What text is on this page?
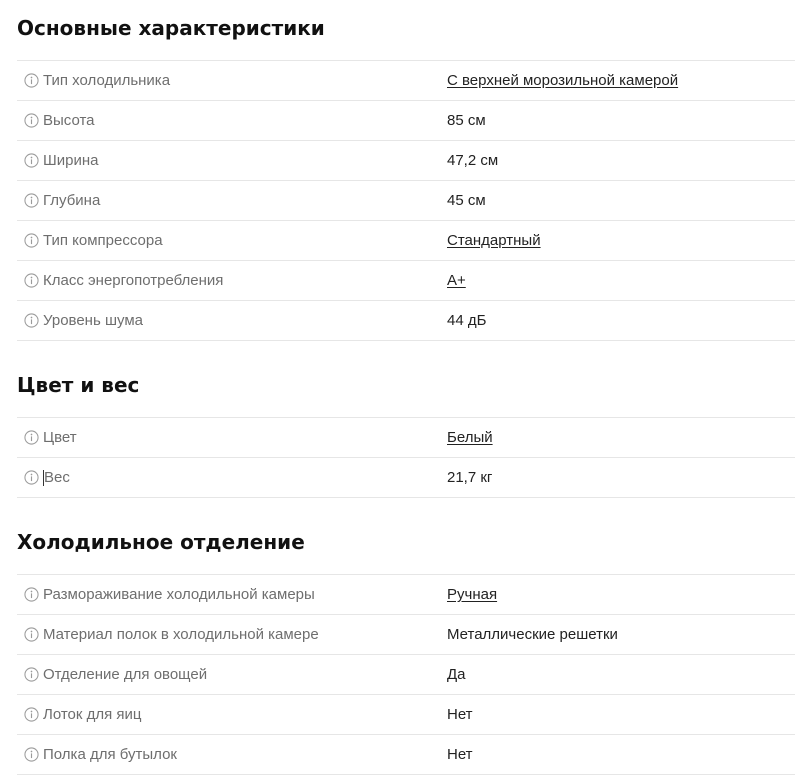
Основные характеристики
Тип холодильника	С верхней морозильной камерой
Высота	85 см
Ширина	47,2 см
Глубина	45 см
Тип компрессора	Стандартный
Класс энергопотребления	A+
Уровень шума	44 дБ
Цвет и вес
Цвет	Белый
Вес	21,7 кг
Холодильное отделение
Размораживание холодильной камеры	Ручная
Материал полок в холодильной камере	Металлические решетки
Отделение для овощей	Да
Лоток для яиц	Нет
Полка для бутылок	Нет
